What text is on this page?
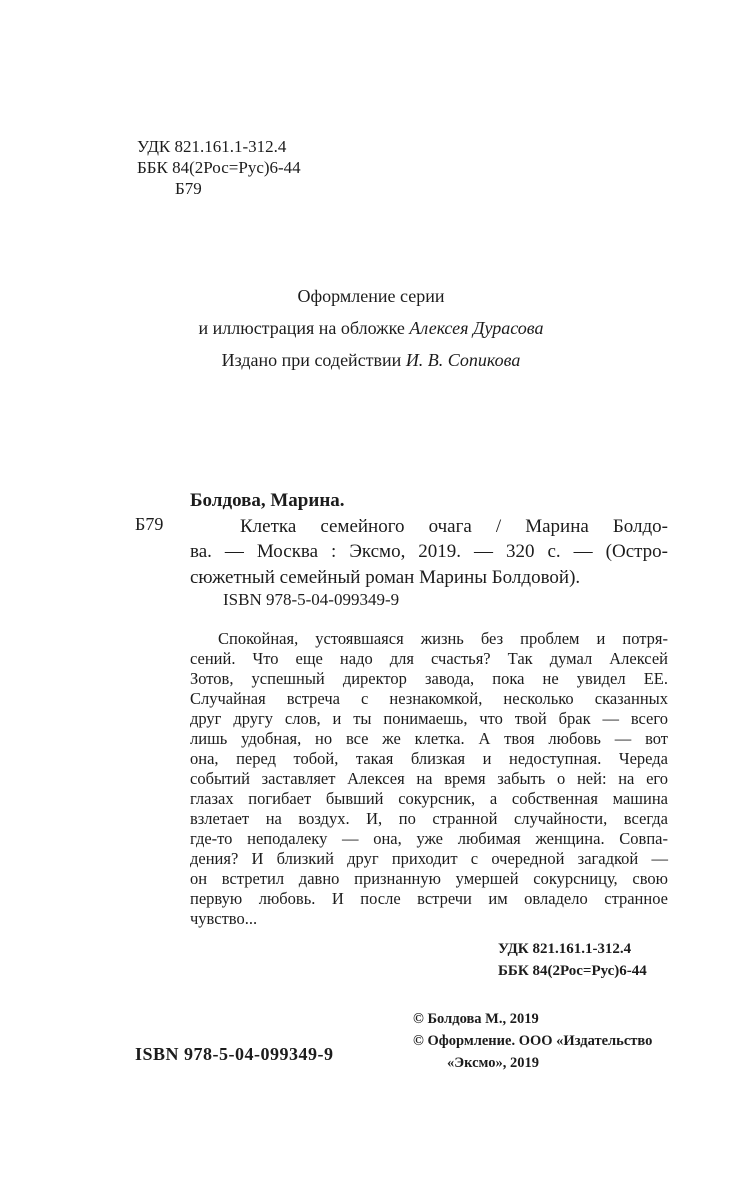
УДК 821.161.1-312.4
ББК 84(2Рос=Рус)6-44
Б79
Оформление серии
и иллюстрация на обложке Алексея Дурасова
Издано при содействии И. В. Сопикова
Б79
Болдова, Марина.
Клетка семейного очага / Марина Болдо-
ва. — Москва : Эксмо, 2019. — 320 с. — (Остро-
сюжетный семейный роман Марины Болдовой).
ISBN 978-5-04-099349-9
Спокойная, устоявшаяся жизнь без проблем и потря-
сений. Что еще надо для счастья? Так думал Алексей
Зотов, успешный директор завода, пока не увидел ЕЕ.
Случайная встреча с незнакомкой, несколько сказанных
друг другу слов, и ты понимаешь, что твой брак — всего
лишь удобная, но все же клетка. А твоя любовь — вот
она, перед тобой, такая близкая и недоступная. Череда
событий заставляет Алексея на время забыть о ней: на его
глазах погибает бывший сокурсник, а собственная машина
взлетает на воздух. И, по странной случайности, всегда
где-то неподалеку — она, уже любимая женщина. Совпа-
дения? И близкий друг приходит с очередной загадкой —
он встретил давно признанную умершей сокурсницу, свою
первую любовь. И после встречи им овладело странное
чувство...
УДК 821.161.1-312.4
ББК 84(2Рос=Рус)6-44
© Болдова М., 2019
© Оформление. ООО «Издательство
«Эксмо», 2019
ISBN 978-5-04-099349-9
